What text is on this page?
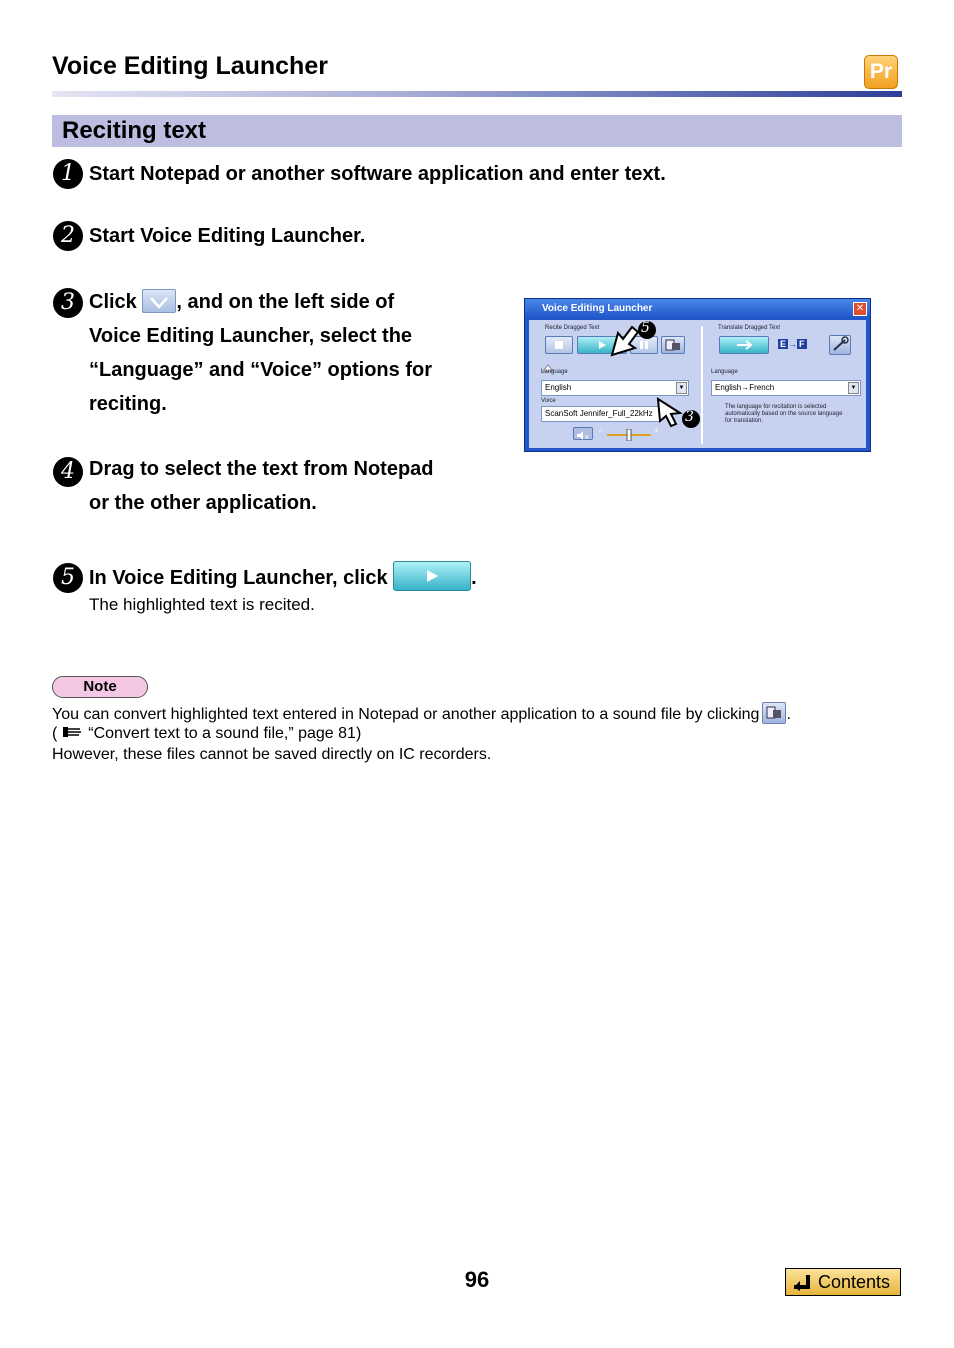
Voice Editing Launcher	Pr
Reciting text
1 Start Notepad or another software application and enter text.
2 Start Voice Editing Launcher.
3 Click , and on the left side of
Voice Editing Launcher, select the
“Language” and “Voice” options for
reciting.
4 Drag to select the text from Notepad
or the other application.
5 In Voice Editing Launcher, click	.
The highlighted text is recited.
Voice Editing Launcher	✕
Recite Dragged Text
Language
English	▼
Voice
ScanSoft Jennifer_Full_22kHz
x
−	+
Translate Dragged Text
E → F
Language
English→French	▼
The language for recitation is selected automatically based on the source language for translation.
5
3
Note
You can convert highlighted text entered in Notepad or another application to a sound file by clicking .
( “Convert text to a sound file,” page 81)
However, these files cannot be saved directly on IC recorders.
96	Contents
